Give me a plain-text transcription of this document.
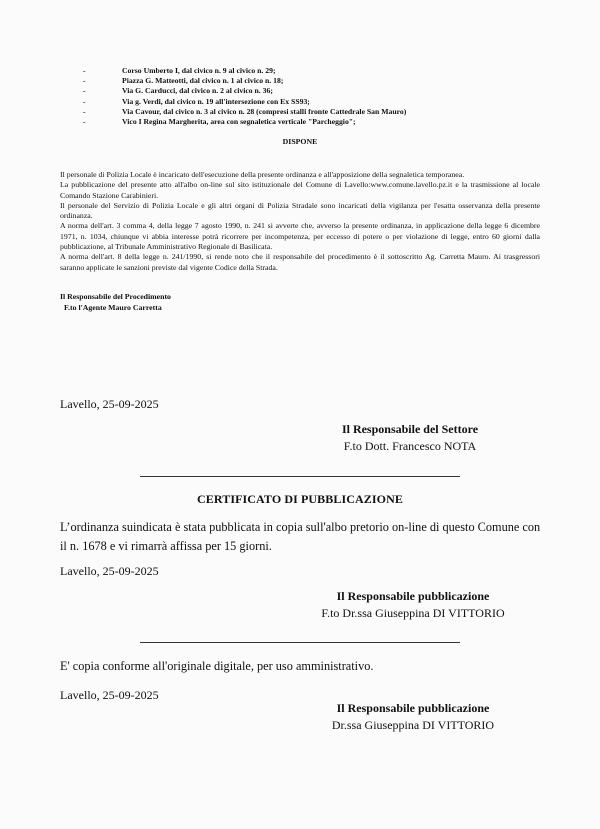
-	Corso Umberto I, dal civico n. 9 al civico n. 29;
-	Piazza G. Matteotti, dal civico n. 1 al civico n. 18;
-	Via G. Carducci, dal civico n. 2 al civico n. 36;
-	Via g. Verdi, dal civico n. 19 all'intersezione con Ex SS93;
-	Via Cavour, dal civico n. 3 al civico n. 28 (compresi stalli fronte Cattedrale San Mauro)
-	Vico I Regina Margherita, area con segnaletica verticale "Parcheggio";
DISPONE

Il personale di Polizia Locale è incaricato dell'esecuzione della presente ordinanza e all'apposizione della segnaletica temporanea.

La pubblicazione del presente atto all'albo on-line sul sito istituzionale del Comune di Lavello:www.comune.lavello.pz.it e la trasmissione al locale Comando Stazione Carabinieri.

Il personale del Servizio di Polizia Locale e gli altri organi di Polizia Stradale sono incaricati della vigilanza per l'esatta osservanza della presente ordinanza.

A norma dell'art. 3 comma 4, della legge 7 agosto 1990, n. 241 si avverte che, avverso la presente ordinanza, in applicazione della legge 6 dicembre 1971, n. 1034, chiunque vi abbia interesse potrà ricorrere per incompetenza, per eccesso di potere o per violazione di legge, entro 60 giorni dalla pubblicazione, al Tribunale Amministrativo Regionale di Basilicata.

A norma dell'art. 8 della legge n. 241/1990, si rende noto che il responsabile del procedimento è il sottoscritto Ag. Carretta Mauro. Ai trasgressori saranno applicate le sanzioni previste dal vigente Codice della Strada.

Il Responsabile del Procedimento
F.to l'Agente Mauro Carretta
Lavello, 25-09-2025
Il Responsabile del Settore
F.to Dott. Francesco NOTA
CERTIFICATO DI PUBBLICAZIONE
L’ordinanza suindicata è stata pubblicata in copia sull'albo pretorio on-line di questo Comune con il n. 1678 e vi rimarrà affissa per 15 giorni.
Lavello, 25-09-2025
Il Responsabile pubblicazione
F.to Dr.ssa Giuseppina DI VITTORIO
E' copia conforme all'originale digitale, per uso amministrativo.
Lavello, 25-09-2025
Il Responsabile pubblicazione
Dr.ssa Giuseppina DI VITTORIO
